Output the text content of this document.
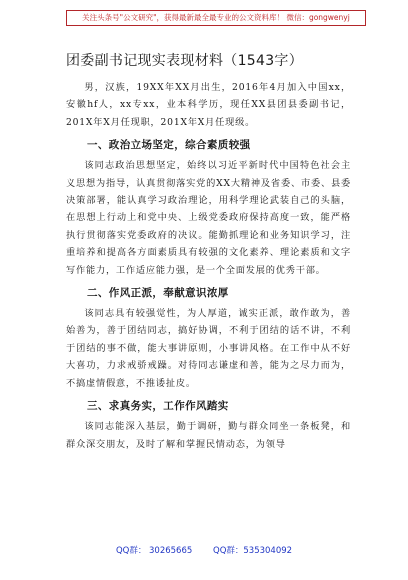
关注头条号"公文研究"，获得最新最全最专业的公文资料库！ 微信：gongwenyj
团委副书记现实表现材料（1543字）

男，汉族，19XX年XX月出生，2016年4月加入中国xx，安徽hf人，xx专xx，业本科学历，现任XX县团县委副书记，201X年X月任现职，201X年X月任现级。

一、政治立场坚定，综合素质较强

该同志政治思想坚定，始终以习近平新时代中国特色社会主义思想为指导，认真贯彻落实党的XX大精神及省委、市委、县委决策部署，能认真学习政治理论，用科学理论武装自己的头脑，在思想上行动上和党中央、上级党委政府保持高度一致，能严格执行贯彻落实党委政府的决议。能勤抓理论和业务知识学习，注重培养和提高各方面素质具有较强的文化素养、理论素质和文字写作能力，工作适应能力强，是一个全面发展的优秀干部。

二、作风正派，奉献意识浓厚

该同志具有较强觉性，为人厚道，诚实正派，敢作敢为，善始善为，善于团结同志，搞好协调，不利于团结的话不讲，不利于团结的事不做，能大事讲原则，小事讲风格。在工作中从不好大喜功，力求戒骄戒躁。对待同志谦虚和善，能为之尽力而为，不搞虚情假意，不推诿扯皮。

三、求真务实，工作作风踏实

该同志能深入基层，勤于调研，勤与群众同坐一条板凳，和群众深交朋友，及时了解和掌握民情动态，为领导

QQ群： 30265665 QQ群：535304092
